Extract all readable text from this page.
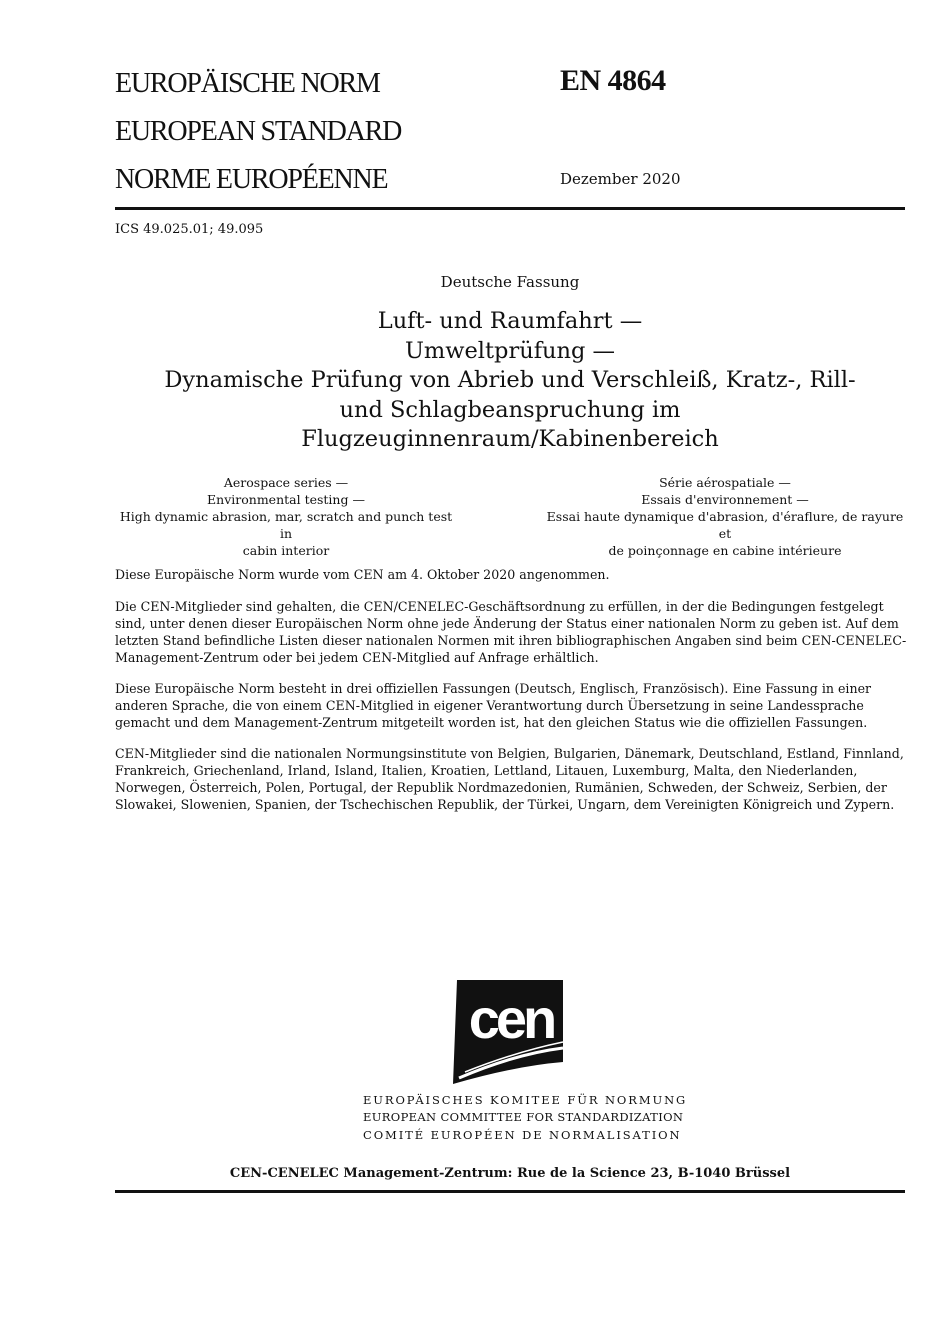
EUROPÄISCHE NORM
EUROPEAN STANDARD
NORME EUROPÉENNE
EN 4864
Dezember 2020
ICS 49.025.01; 49.095
Deutsche Fassung
Luft- und Raumfahrt —
Umweltprüfung —
Dynamische Prüfung von Abrieb und Verschleiß, Kratz-, Rill-
und Schlagbeanspruchung im
Flugzeuginnenraum/Kabinenbereich
Aerospace series —
Environmental testing —
High dynamic abrasion, mar, scratch and punch test in
cabin interior
Série aérospatiale —
Essais d'environnement —
Essai haute dynamique d'abrasion, d'éraflure, de rayure et
de poinçonnage en cabine intérieure
Diese Europäische Norm wurde vom CEN am 4. Oktober 2020 angenommen.
Die CEN-Mitglieder sind gehalten, die CEN/CENELEC-Geschäftsordnung zu erfüllen, in der die Bedingungen festgelegt sind, unter denen dieser Europäischen Norm ohne jede Änderung der Status einer nationalen Norm zu geben ist. Auf dem letzten Stand befindliche Listen dieser nationalen Normen mit ihren bibliographischen Angaben sind beim CEN-CENELEC-Management-Zentrum oder bei jedem CEN-Mitglied auf Anfrage erhältlich.
Diese Europäische Norm besteht in drei offiziellen Fassungen (Deutsch, Englisch, Französisch). Eine Fassung in einer anderen Sprache, die von einem CEN-Mitglied in eigener Verantwortung durch Übersetzung in seine Landessprache gemacht und dem Management-Zentrum mitgeteilt worden ist, hat den gleichen Status wie die offiziellen Fassungen.
CEN-Mitglieder sind die nationalen Normungsinstitute von Belgien, Bulgarien, Dänemark, Deutschland, Estland, Finnland, Frankreich, Griechenland, Irland, Island, Italien, Kroatien, Lettland, Litauen, Luxemburg, Malta, den Niederlanden, Norwegen, Österreich, Polen, Portugal, der Republik Nordmazedonien, Rumänien, Schweden, der Schweiz, Serbien, der Slowakei, Slowenien, Spanien, der Tschechischen Republik, der Türkei, Ungarn, dem Vereinigten Königreich und Zypern.
cen
EUROPÄISCHES KOMITEE FÜR NORMUNG
EUROPEAN COMMITTEE FOR STANDARDIZATION
COMITÉ EUROPÉEN DE NORMALISATION
CEN-CENELEC Management-Zentrum: Rue de la Science 23, B-1040 Brüssel
